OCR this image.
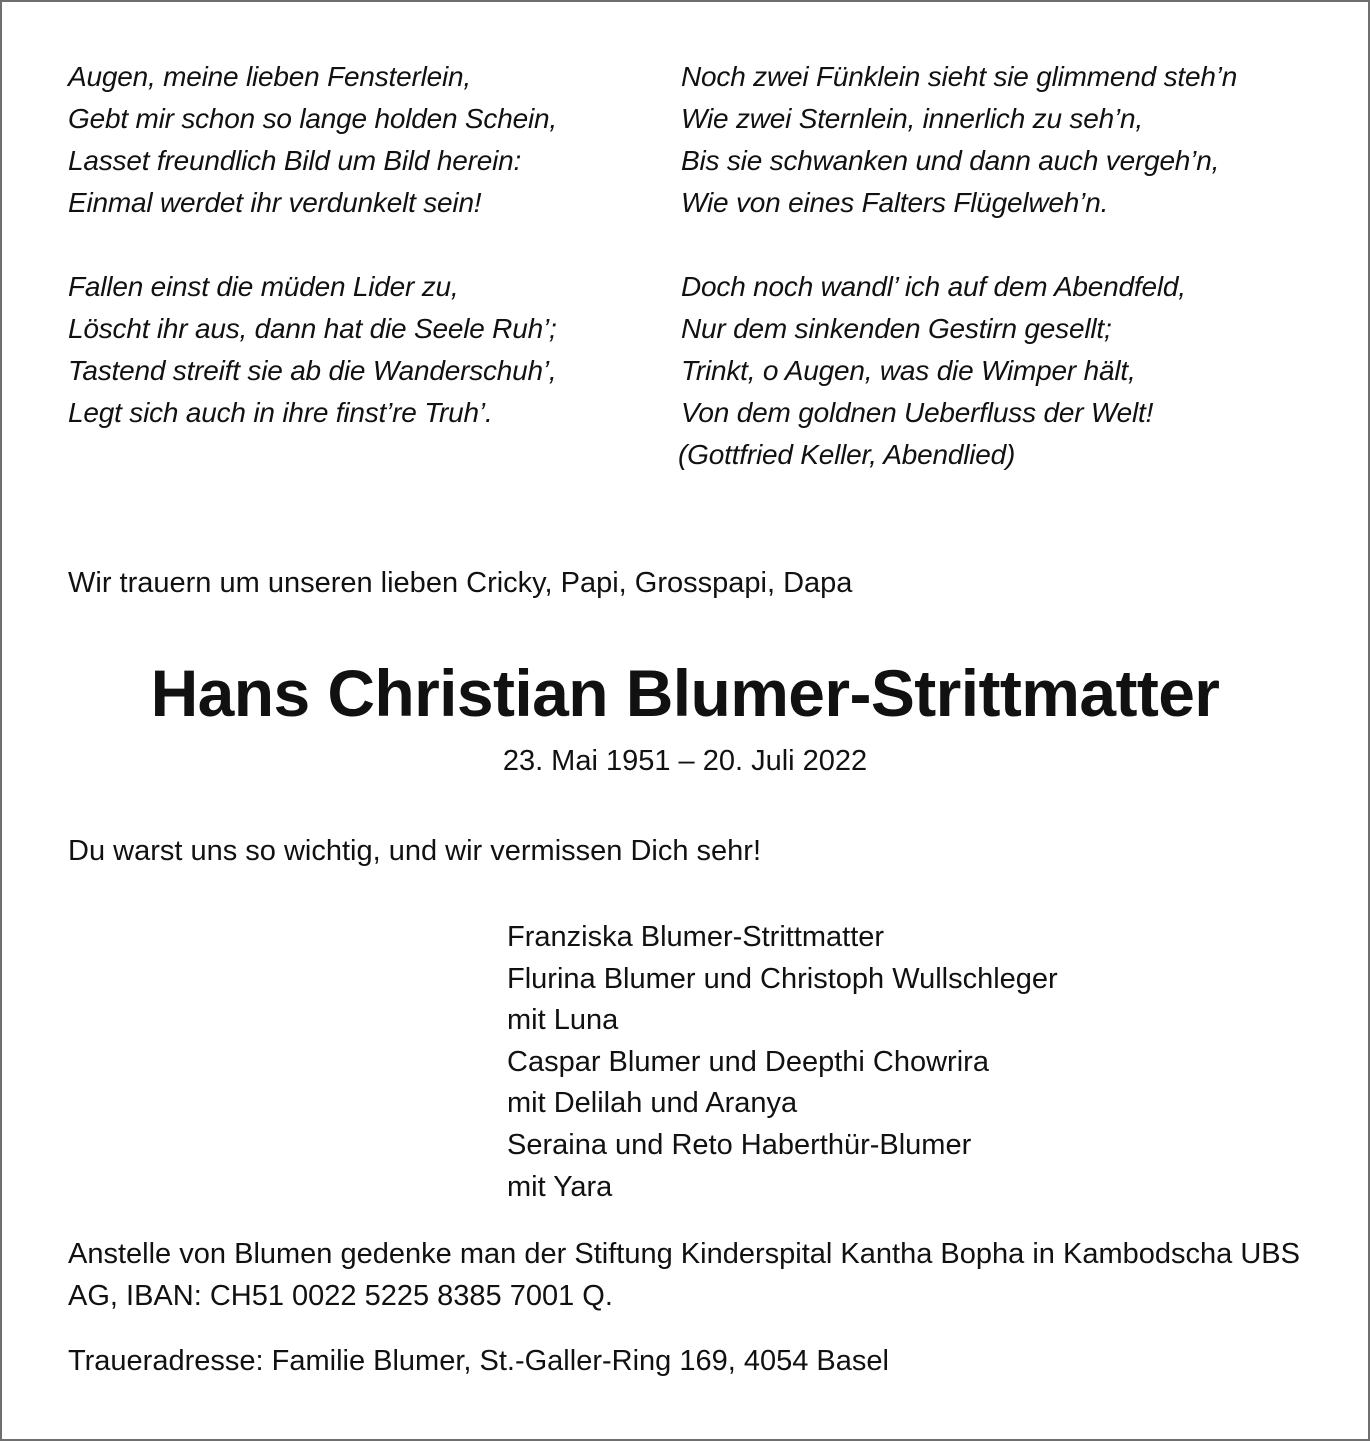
Augen, meine lieben Fensterlein,
Gebt mir schon so lange holden Schein,
Lasset freundlich Bild um Bild herein:
Einmal werdet ihr verdunkelt sein!
Fallen einst die müden Lider zu,
Löscht ihr aus, dann hat die Seele Ruh’;
Tastend streift sie ab die Wanderschuh’,
Legt sich auch in ihre finst’re Truh’.
Noch zwei Fünklein sieht sie glimmend steh’n
Wie zwei Sternlein, innerlich zu seh’n,
Bis sie schwanken und dann auch vergeh’n,
Wie von eines Falters Flügelweh’n.
Doch noch wandl’ ich auf dem Abendfeld,
Nur dem sinkenden Gestirn gesellt;
Trinkt, o Augen, was die Wimper hält,
Von dem goldnen Ueberfluss der Welt!
(Gottfried Keller, Abendlied)
Wir trauern um unseren lieben Cricky, Papi, Grosspapi, Dapa
Hans Christian Blumer-Strittmatter
23. Mai 1951 – 20. Juli 2022
Du warst uns so wichtig, und wir vermissen Dich sehr!
Franziska Blumer-Strittmatter
Flurina Blumer und Christoph Wullschleger
mit Luna
Caspar Blumer und Deepthi Chowrira
mit Delilah und Aranya
Seraina und Reto Haberthür-Blumer
mit Yara
Anstelle von Blumen gedenke man der Stiftung Kinderspital Kantha Bopha in Kambodscha UBS AG, IBAN: CH51 0022 5225 8385 7001 Q.
Traueradresse: Familie Blumer, St.-Galler-Ring 169, 4054 Basel
